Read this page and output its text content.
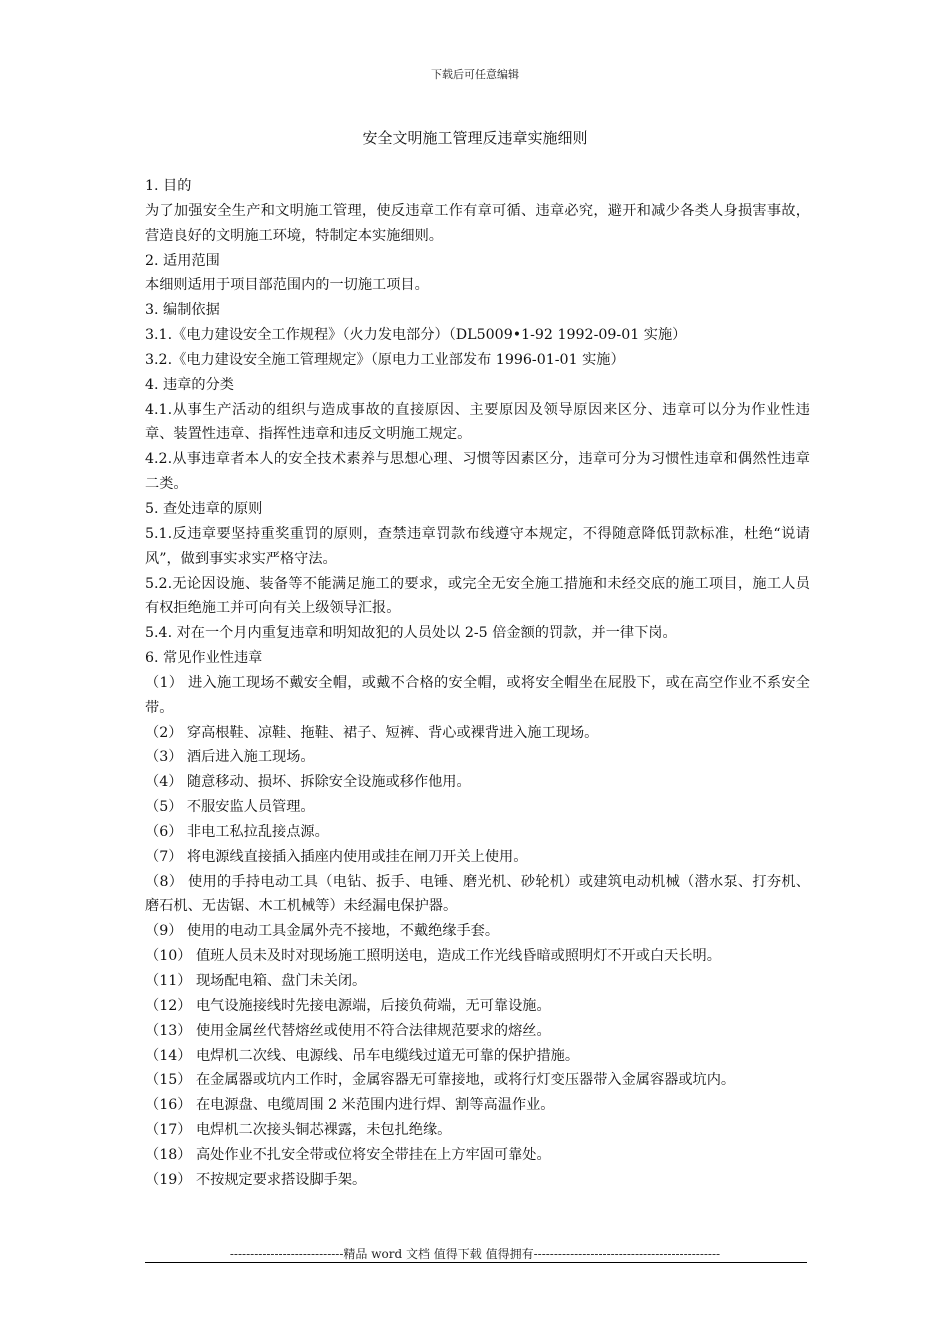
下载后可任意编辑
安全文明施工管理反违章实施细则

1. 目的

为了加强安全生产和文明施工管理，使反违章工作有章可循、违章必究，避开和减少各类人身损害事故，营造良好的文明施工环境，特制定本实施细则。

2. 适用范围

本细则适用于项目部范围内的一切施工项目。

3. 编制依据

3.1.《电力建设安全工作规程》（火力发电部分）（DL5009•1-92 1992-09-01 实施）

3.2.《电力建设安全施工管理规定》（原电力工业部发布 1996-01-01 实施）

4. 违章的分类

4.1.从事生产活动的组织与造成事故的直接原因、主要原因及领导原因来区分、违章可以分为作业性违章、装置性违章、指挥性违章和违反文明施工规定。

4.2.从事违章者本人的安全技术素养与思想心理、习惯等因素区分，违章可分为习惯性违章和偶然性违章二类。

5. 查处违章的原则

5.1.反违章要坚持重奖重罚的原则，查禁违章罚款布线遵守本规定，不得随意降低罚款标准，杜绝“说请风”，做到事实求实严格守法。

5.2.无论因设施、装备等不能满足施工的要求，或完全无安全施工措施和未经交底的施工项目，施工人员有权拒绝施工并可向有关上级领导汇报。

5.4. 对在一个月内重复违章和明知故犯的人员处以 2-5 倍金额的罚款，并一律下岗。

6. 常见作业性违章

（1） 进入施工现场不戴安全帽，或戴不合格的安全帽，或将安全帽坐在屁股下，或在高空作业不系安全带。

（2） 穿高根鞋、凉鞋、拖鞋、裙子、短裤、背心或裸背进入施工现场。

（3） 酒后进入施工现场。

（4） 随意移动、损坏、拆除安全设施或移作他用。

（5） 不服安监人员管理。

（6） 非电工私拉乱接点源。

（7） 将电源线直接插入插座内使用或挂在闸刀开关上使用。

（8） 使用的手持电动工具（电钻、扳手、电锤、磨光机、砂轮机）或建筑电动机械（潜水泵、打夯机、磨石机、无齿锯、木工机械等）未经漏电保护器。

（9） 使用的电动工具金属外壳不接地，不戴绝缘手套。

（10） 值班人员未及时对现场施工照明送电，造成工作光线昏暗或照明灯不开或白天长明。

（11） 现场配电箱、盘门未关闭。

（12） 电气设施接线时先接电源端，后接负荷端，无可靠设施。

（13） 使用金属丝代替熔丝或使用不符合法律规范要求的熔丝。

（14） 电焊机二次线、电源线、吊车电缆线过道无可靠的保护措施。

（15） 在金属器或坑内工作时，金属容器无可靠接地，或将行灯变压器带入金属容器或坑内。

（16） 在电源盘、电缆周围 2 米范围内进行焊、割等高温作业。

（17） 电焊机二次接头铜芯裸露，未包扎绝缘。

（18） 高处作业不扎安全带或位将安全带挂在上方牢固可靠处。

（19） 不按规定要求搭设脚手架。

----------------------------精品 word 文档 值得下载 值得拥有----------------------------------------------
